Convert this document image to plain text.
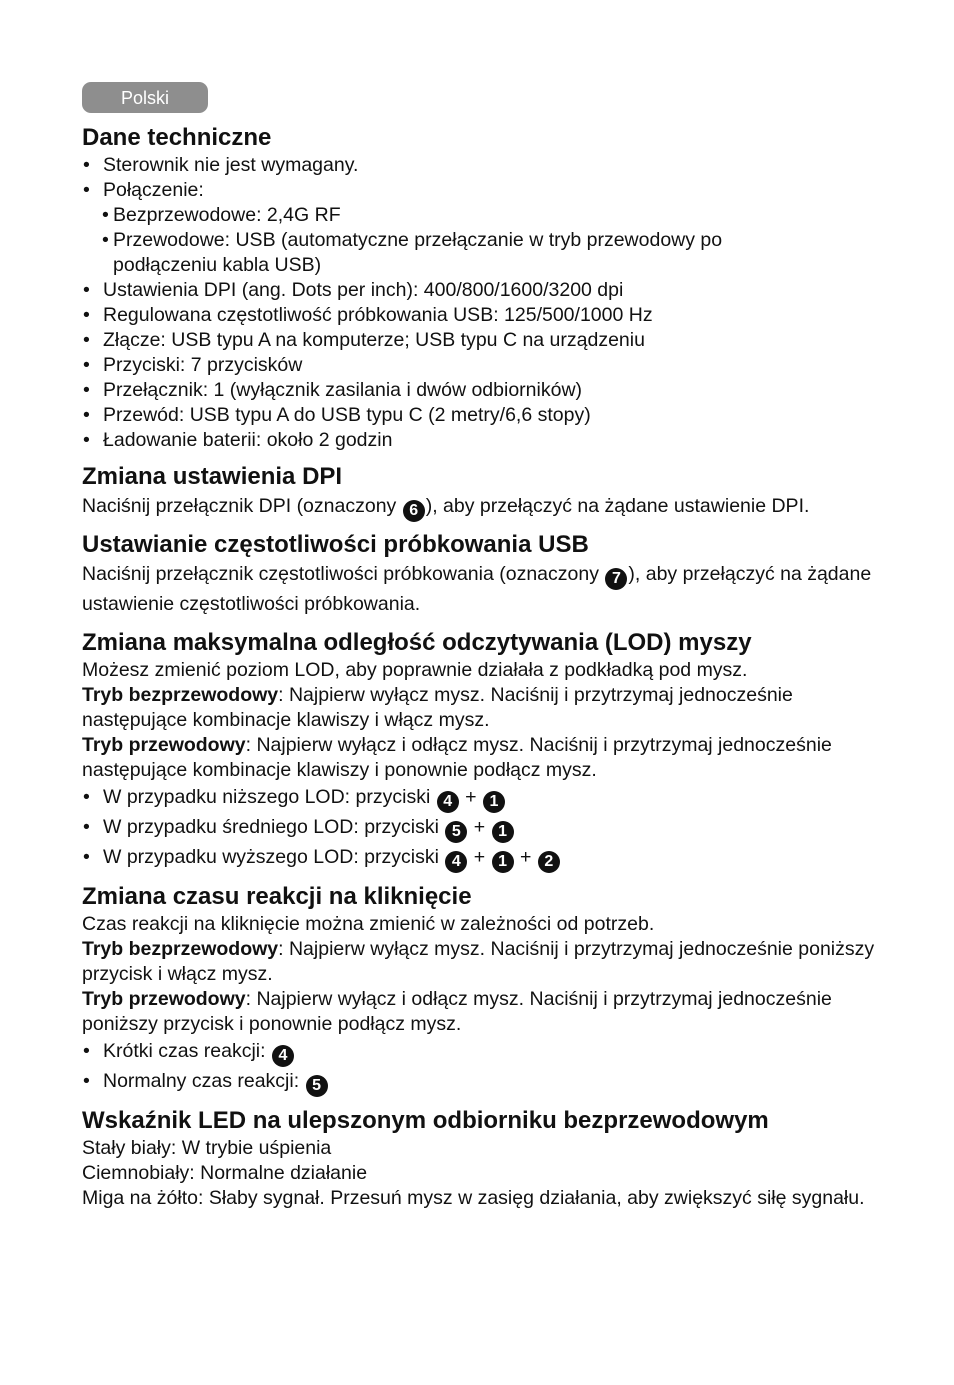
Polski
Dane techniczne
• Sterownik nie jest wymagany.
• Połączenie:
• Bezprzewodowe: 2,4G RF
• Przewodowe: USB (automatyczne przełączanie w tryb przewodowy po podłączeniu kabla USB)
• Ustawienia DPI (ang. Dots per inch): 400/800/1600/3200 dpi
• Regulowana częstotliwość próbkowania USB: 125/500/1000 Hz
• Złącze: USB typu A na komputerze; USB typu C na urządzeniu
• Przyciski: 7 przycisków
• Przełącznik: 1 (wyłącznik zasilania i dwów odbiorników)
• Przewód: USB typu A do USB typu C (2 metry/6,6 stopy)
• Ładowanie baterii: około 2 godzin
Zmiana ustawienia DPI
Naciśnij przełącznik DPI (oznaczony 6 ), aby przełączyć na żądane ustawienie DPI.
Ustawianie częstotliwości próbkowania USB
Naciśnij przełącznik częstotliwości próbkowania (oznaczony 7 ), aby przełączyć na żądane ustawienie częstotliwości próbkowania.
Zmiana maksymalna odległość odczytywania (LOD) myszy
Możesz zmienić poziom LOD, aby poprawnie działała z podkładką pod mysz.
Tryb bezprzewodowy: Najpierw wyłącz mysz. Naciśnij i przytrzymaj jednocześnie następujące kombinacje klawiszy i włącz mysz.
Tryb przewodowy: Najpierw wyłącz i odłącz mysz. Naciśnij i przytrzymaj jednocześnie następujące kombinacje klawiszy i ponownie podłącz mysz.
• W przypadku niższego LOD: przyciski 4 + 1
• W przypadku średniego LOD: przyciski 5 + 1
• W przypadku wyższego LOD: przyciski 4 + 1 + 2
Zmiana czasu reakcji na kliknięcie
Czas reakcji na kliknięcie można zmienić w zależności od potrzeb.
Tryb bezprzewodowy: Najpierw wyłącz mysz. Naciśnij i przytrzymaj jednocześnie poniższy przycisk i włącz mysz.
Tryb przewodowy: Najpierw wyłącz i odłącz mysz. Naciśnij i przytrzymaj jednocześnie poniższy przycisk i ponownie podłącz mysz.
• Krótki czas reakcji: 4
• Normalny czas reakcji: 5
Wskaźnik LED na ulepszonym odbiorniku bezprzewodowym
Stały biały: W trybie uśpienia
Ciemnobiały: Normalne działanie
Miga na żółto: Słaby sygnał. Przesuń mysz w zasięg działania, aby zwiększyć siłę sygnału.
